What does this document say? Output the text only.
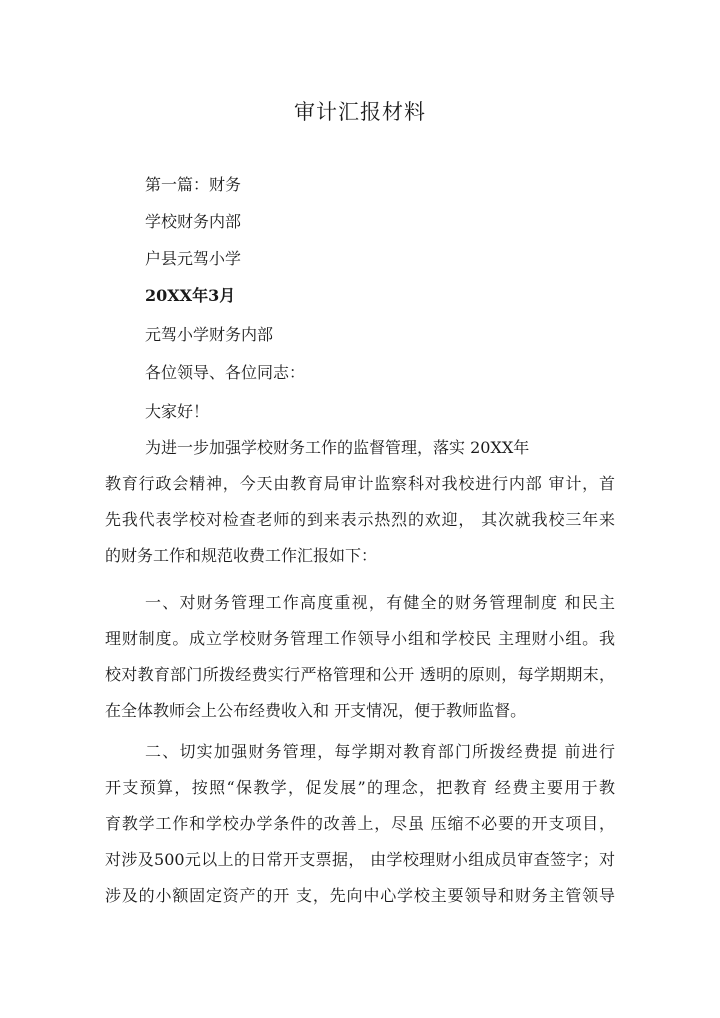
审计汇报材料
第一篇：财务
学校财务内部
户县元驾小学
20XX年3月
元驾小学财务内部
各位领导、各位同志：
大家好！
为进一步加强学校财务工作的监督管理，落实 20XX年
教育行政会精神，今天由教育局审计监察科对我校进行内部 审计，首
先我代表学校对检查老师的到来表示热烈的欢迎， 其次就我校三年来
的财务工作和规范收费工作汇报如下：
一、对财务管理工作高度重视，有健全的财务管理制度 和民主
理财制度。成立学校财务管理工作领导小组和学校民 主理财小组。我
校对教育部门所拨经费实行严格管理和公开 透明的原则，每学期期末，
在全体教师会上公布经费收入和 开支情况，便于教师监督。
二、切实加强财务管理，每学期对教育部门所拨经费提 前进行
开支预算，按照“保教学，促发展”的理念，把教育 经费主要用于教
育教学工作和学校办学条件的改善上，尽虽 压缩不必要的开支项目，
对涉及500元以上的日常开支票据， 由学校理财小组成员审查签字；对
涉及的小额固定资产的开 支，先向中心学校主要领导和财务主管领导
